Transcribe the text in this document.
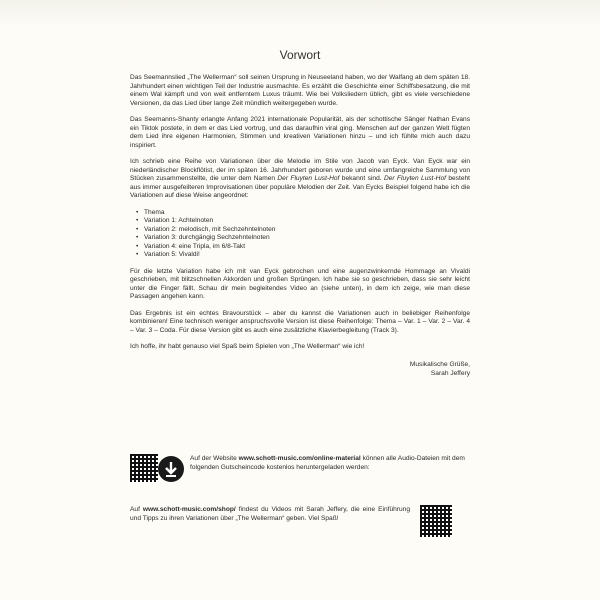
Vorwort

Das Seemannslied „The Wellerman“ soll seinen Ursprung in Neuseeland haben, wo der Walfang ab dem späten 18. Jahrhundert einen wichtigen Teil der Industrie ausmachte. Es erzählt die Geschichte einer Schiffsbesatzung, die mit einem Wal kämpft und von weit entferntem Luxus träumt. Wie bei Volksliedern üblich, gibt es viele verschiedene Versionen, da das Lied über lange Zeit mündlich weitergegeben wurde.

Das Seemanns-Shanty erlangte Anfang 2021 internationale Popularität, als der schottische Sänger Nathan Evans ein Tiktok postete, in dem er das Lied vortrug, und das daraufhin viral ging. Menschen auf der ganzen Welt fügten dem Lied ihre eigenen Harmonien, Stimmen und kreativen Variationen hinzu – und ich fühlte mich auch dazu inspiriert.

Ich schrieb eine Reihe von Variationen über die Melodie im Stile von Jacob van Eyck. Van Eyck war ein niederländischer Blockflötist, der im späten 16. Jahrhundert geboren wurde und eine umfangreiche Sammlung von Stücken zusammenstellte, die unter dem Namen Der Fluyten Lust-Hof bekannt sind. Der Fluyten Lust-Hof besteht aus immer ausgefeilteren Improvisationen über populäre Melodien der Zeit. Van Eycks Beispiel folgend habe ich die Variationen auf diese Weise angeordnet:

• Thema
• Variation 1: Achtelnoten
• Variation 2: melodisch, mit Sechzehntelnoten
• Variation 3: durchgängig Sechzehntelnoten
• Variation 4: eine Tripla, im 6/8-Takt
• Variation 5: Vivaldi!

Für die letzte Variation habe ich mit van Eyck gebrochen und eine augenzwinkernde Hommage an Vivaldi geschrieben, mit blitzschnellen Akkorden und großen Sprüngen. Ich habe sie so geschrieben, dass sie sehr leicht unter die Finger fällt. Schau dir mein begleitendes Video an (siehe unten), in dem ich zeige, wie man diese Passagen angehen kann.

Das Ergebnis ist ein echtes Bravourstück – aber du kannst die Variationen auch in beliebiger Reihenfolge kombinieren! Eine technisch weniger anspruchsvolle Version ist diese Reihenfolge: Thema – Var. 1 – Var. 2 – Var. 4 – Var. 3 – Coda. Für diese Version gibt es auch eine zusätzliche Klavierbegleitung (Track 3).

Ich hoffe, ihr habt genauso viel Spaß beim Spielen von „The Wellerman“ wie ich!

Musikalische Grüße,
Sarah Jeffery
Auf der Website www.schott-music.com/online-material können alle Audio-Dateien mit dem folgenden Gutscheincode kostenlos heruntergeladen werden:
Auf www.schott-music.com/shop/ findest du Videos mit Sarah Jeffery, die eine Einführung und Tipps zu ihren Variationen über „The Wellerman“ geben. Viel Spaß!
